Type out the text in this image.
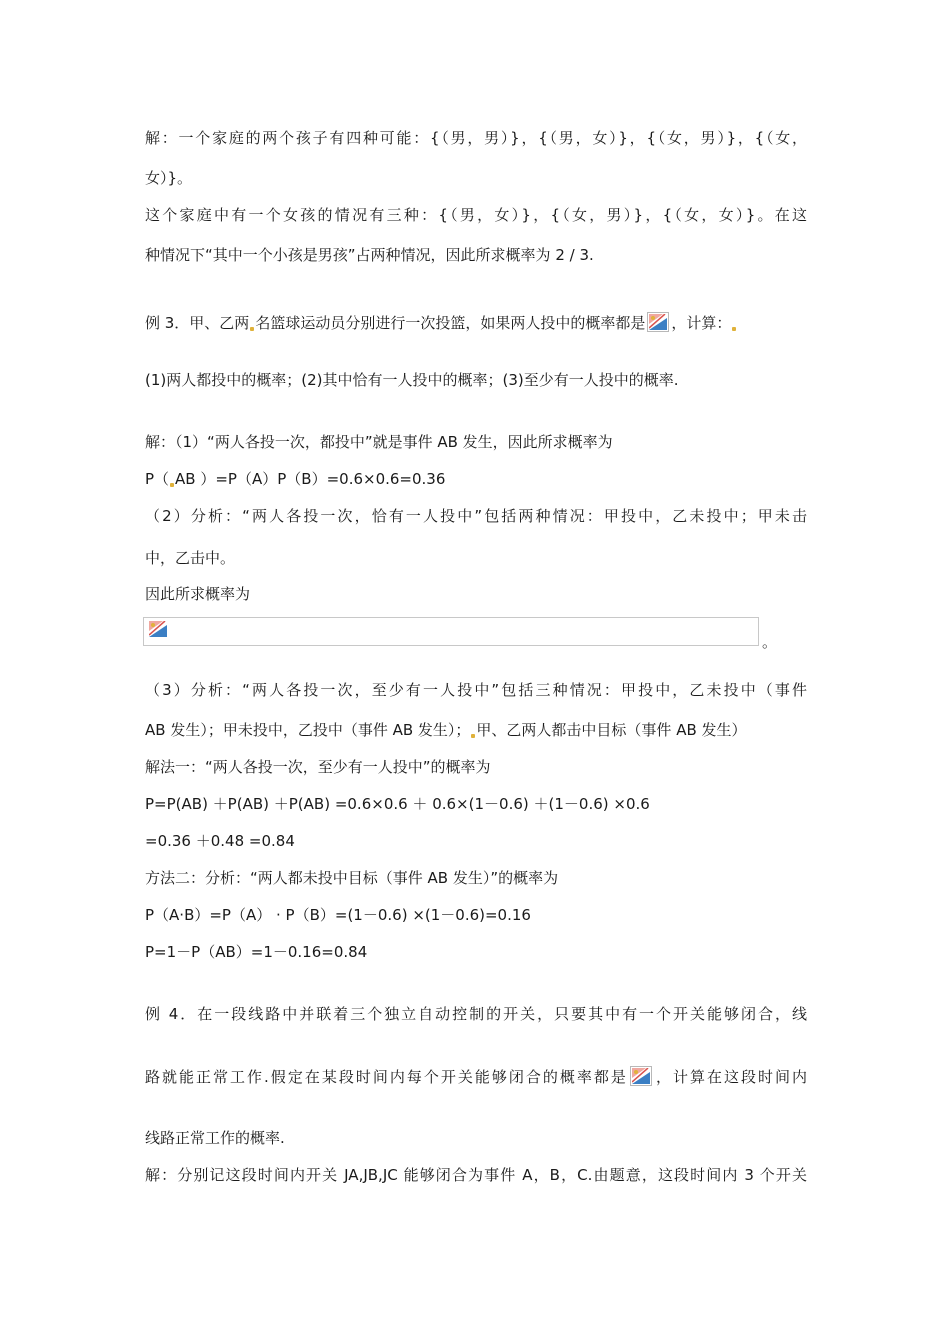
解：一个家庭的两个孩子有四种可能：{（男，男）}，{（男，女）}，{（女，男）}，{（女，
女）}。
这个家庭中有一个女孩的情况有三种：{（男，女）}，{（女，男）}，{（女，女）}。在这
种情况下“其中一个小孩是男孩”占两种情况，因此所求概率为 2 / 3.
例 3．甲、乙两 名篮球运动员分别进行一次投篮，如果两人投中的概率都是 ，计算：
(1)两人都投中的概率；(2)其中恰有一人投中的概率；(3)至少有一人投中的概率.
解：（1）“两人各投一次，都投中”就是事件 AB 发生，因此所求概率为
P（ AB ）=P（A）P（B）=0.6×0.6=0.36
（2）分析：“两人各投一次，恰有一人投中”包括两种情况：甲投中，乙未投中；甲未击
中，乙击中。
因此所求概率为
。
（3）分析：“两人各投一次，至少有一人投中”包括三种情况：甲投中，乙未投中（事件
AB 发生）；甲未投中，乙投中（事件 AB 发生）； 甲、乙两人都击中目标（事件 AB 发生）
解法一：“两人各投一次，至少有一人投中”的概率为
P=P(AB) ＋P(AB) ＋P(AB) =0.6×0.6 ＋ 0.6×(1－0.6) ＋(1－0.6) ×0.6
=0.36 ＋0.48 =0.84
方法二：分析：“两人都未投中目标（事件 AB 发生）”的概率为
P（A·B）=P（A） · P（B）=(1－0.6) ×(1－0.6)=0.16
P=1－P（AB）=1－0.16=0.84
例 4．在一段线路中并联着三个独立自动控制的开关，只要其中有一个开关能够闭合，线
路就能正常工作.假定在某段时间内每个开关能够闭合的概率都是 ，计算在这段时间内
线路正常工作的概率.
解：分别记这段时间内开关 JA,JB,JC 能够闭合为事件 A，B，C.由题意，这段时间内 3 个开关
